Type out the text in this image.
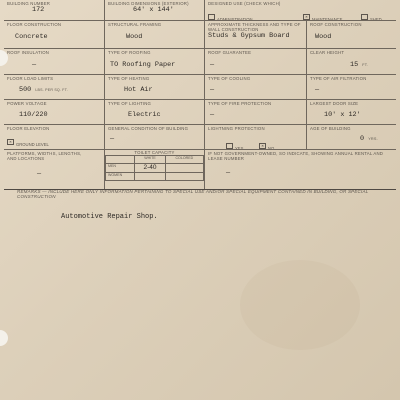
BUILDING NUMBER
172
BUILDING DIMENSIONS (EXTERIOR)
64' x 144'
DESIGNED USE (CHECK WHICH)
ADMINISTRATION ✕	MAINTENANCE	SHED
FLOOR CONSTRUCTION
Concrete
STRUCTURAL FRAMING
Wood
APPROXIMATE THICKNESS AND TYPE OF WALL CONSTRUCTION
Studs & Gypsum Board
ROOF CONSTRUCTION
Wood
ROOF INSULATION
—
TYPE OF ROOFING
TO Roofing Paper
ROOF GUARANTEE
—
CLEAR HEIGHT
15 FT.
FLOOR LOAD LIMITS
500 LBS. PER SQ. FT.
TYPE OF HEATING
Hot Air
TYPE OF COOLING
—
TYPE OF AIR FILTRATION
—
POWER VOLTAGE
110/220
TYPE OF LIGHTING
Electric
TYPE OF FIRE PROTECTION
—
LARGEST DOOR SIZE
10' x 12'
FLOOR ELEVATION
✕GROUND LEVEL
GENERAL CONDITION OF BUILDING
—
LIGHTNING PROTECTION
YES ✕	NO
AGE OF BUILDING
0 YRS.
PLATFORMS, WIDTHS, LENGTHS, AND LOCATIONS
—
TOILET CAPACITY
	WHITE	COLORED
MEN	2-40	
WOMEN		
IF NOT GOVERNMENT-OWNED, SO INDICATE, SHOWING ANNUAL RENTAL AND LEASE NUMBER
—
REMARKS — INCLUDE HERE ONLY INFORMATION PERTAINING TO SPECIAL USE AND/OR SPECIAL EQUIPMENT CONTAINED IN BUILDING, OR SPECIAL CONSTRUCTION
Automotive Repair Shop.
